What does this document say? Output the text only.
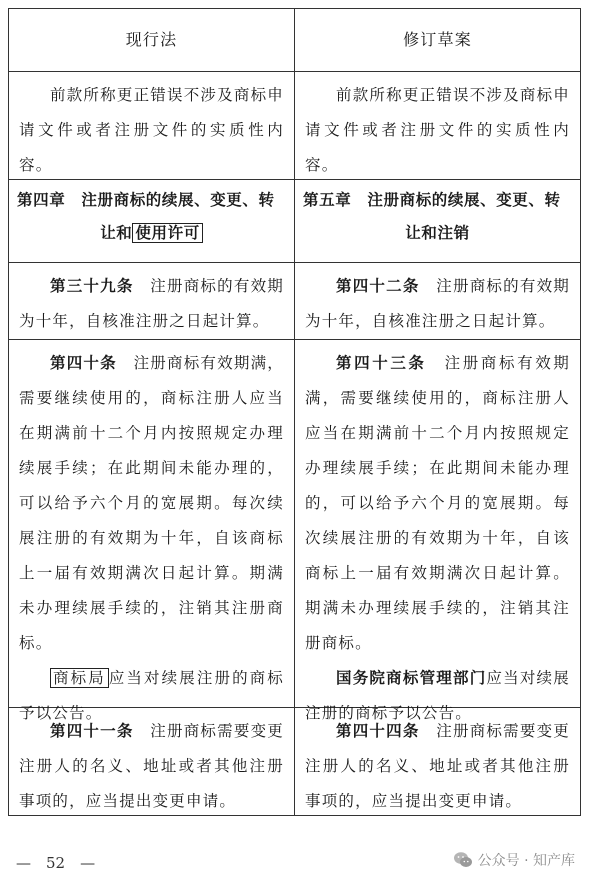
现行法	修订草案

前款所称更正错误不涉及商标申请文件或者注册文件的实质性内容。

前款所称更正错误不涉及商标申请文件或者注册文件的实质性内容。

第四章　注册商标的续展、变更、转
让和 使用许可
第五章　注册商标的续展、变更、转
让和注销

第三十九条　 注册商标的有效期为十年，自核准注册之日起计算。

第四十二条　 注册商标的有效期为十年，自核准注册之日起计算。

第四十条　 注册商标有效期满，需要继续使用的，商标注册人应当在期满前十二个月内按照规定办理续展手续；在此期间未能办理的，可以给予六个月的宽展期。每次续展注册的有效期为十年，自该商标上一届有效期满次日起计算。期满未办理续展手续的，注销其注册商标。

商标局 应当对续展注册的商标予以公告。

第四十三条　 注册商标有效期满，需要继续使用的，商标注册人应当在期满前十二个月内按照规定办理续展手续；在此期间未能办理的，可以给予六个月的宽展期。每次续展注册的有效期为十年，自该商标上一届有效期满次日起计算。期满未办理续展手续的，注销其注册商标。

国务院商标管理部门应当对续展注册的商标予以公告。

第四十一条　 注册商标需要变更注册人的名义、地址或者其他注册事项的，应当提出变更申请。

第四十四条　 注册商标需要变更注册人的名义、地址或者其他注册事项的，应当提出变更申请。

—　52　—	公众号 · 知产库
